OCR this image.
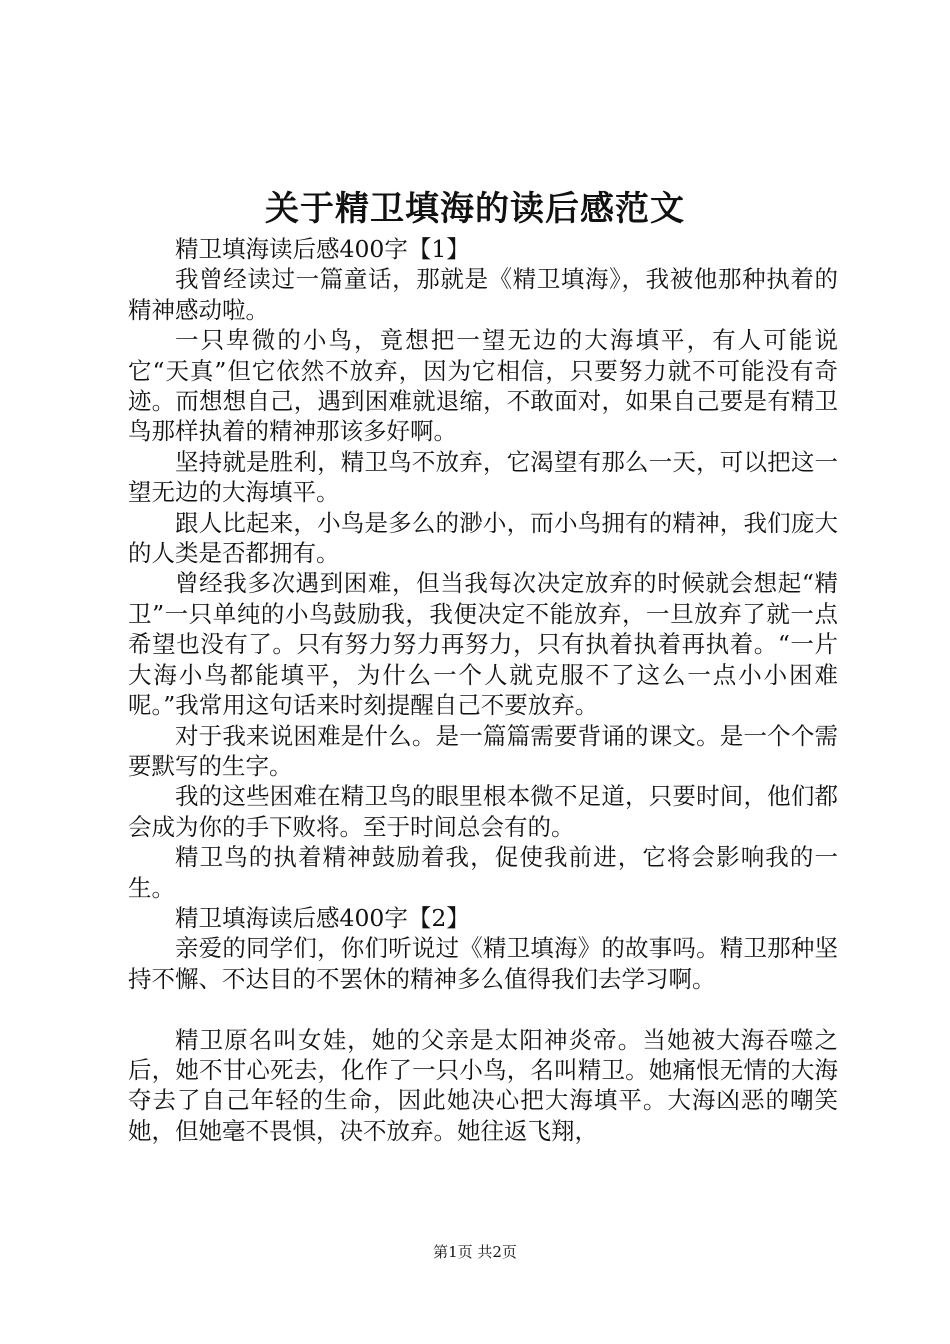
关于精卫填海的读后感范文

精卫填海读后感400字【1】

我曾经读过一篇童话，那就是《精卫填海》，我被他那种执着的精神感动啦。

一只卑微的小鸟，竟想把一望无边的大海填平，有人可能说它“天真”但它依然不放弃，因为它相信，只要努力就不可能没有奇迹。而想想自己，遇到困难就退缩，不敢面对，如果自己要是有精卫鸟那样执着的精神那该多好啊。

坚持就是胜利，精卫鸟不放弃，它渴望有那么一天，可以把这一望无边的大海填平。

跟人比起来，小鸟是多么的渺小，而小鸟拥有的精神，我们庞大的人类是否都拥有。

曾经我多次遇到困难，但当我每次决定放弃的时候就会想起“精卫”一只单纯的小鸟鼓励我，我便决定不能放弃，一旦放弃了就一点希望也没有了。只有努力努力再努力，只有执着执着再执着。“一片大海小鸟都能填平，为什么一个人就克服不了这么一点小小困难呢。”我常用这句话来时刻提醒自己不要放弃。

对于我来说困难是什么。是一篇篇需要背诵的课文。是一个个需要默写的生字。

我的这些困难在精卫鸟的眼里根本微不足道，只要时间，他们都会成为你的手下败将。至于时间总会有的。

精卫鸟的执着精神鼓励着我，促使我前进，它将会影响我的一生。

精卫填海读后感400字【2】

亲爱的同学们，你们听说过《精卫填海》的故事吗。精卫那种坚持不懈、不达目的不罢休的精神多么值得我们去学习啊。

精卫原名叫女娃，她的父亲是太阳神炎帝。当她被大海吞噬之后，她不甘心死去，化作了一只小鸟，名叫精卫。她痛恨无情的大海夺去了自己年轻的生命，因此她决心把大海填平。大海凶恶的嘲笑她，但她毫不畏惧，决不放弃。她往返飞翔，

第1页 共2页
